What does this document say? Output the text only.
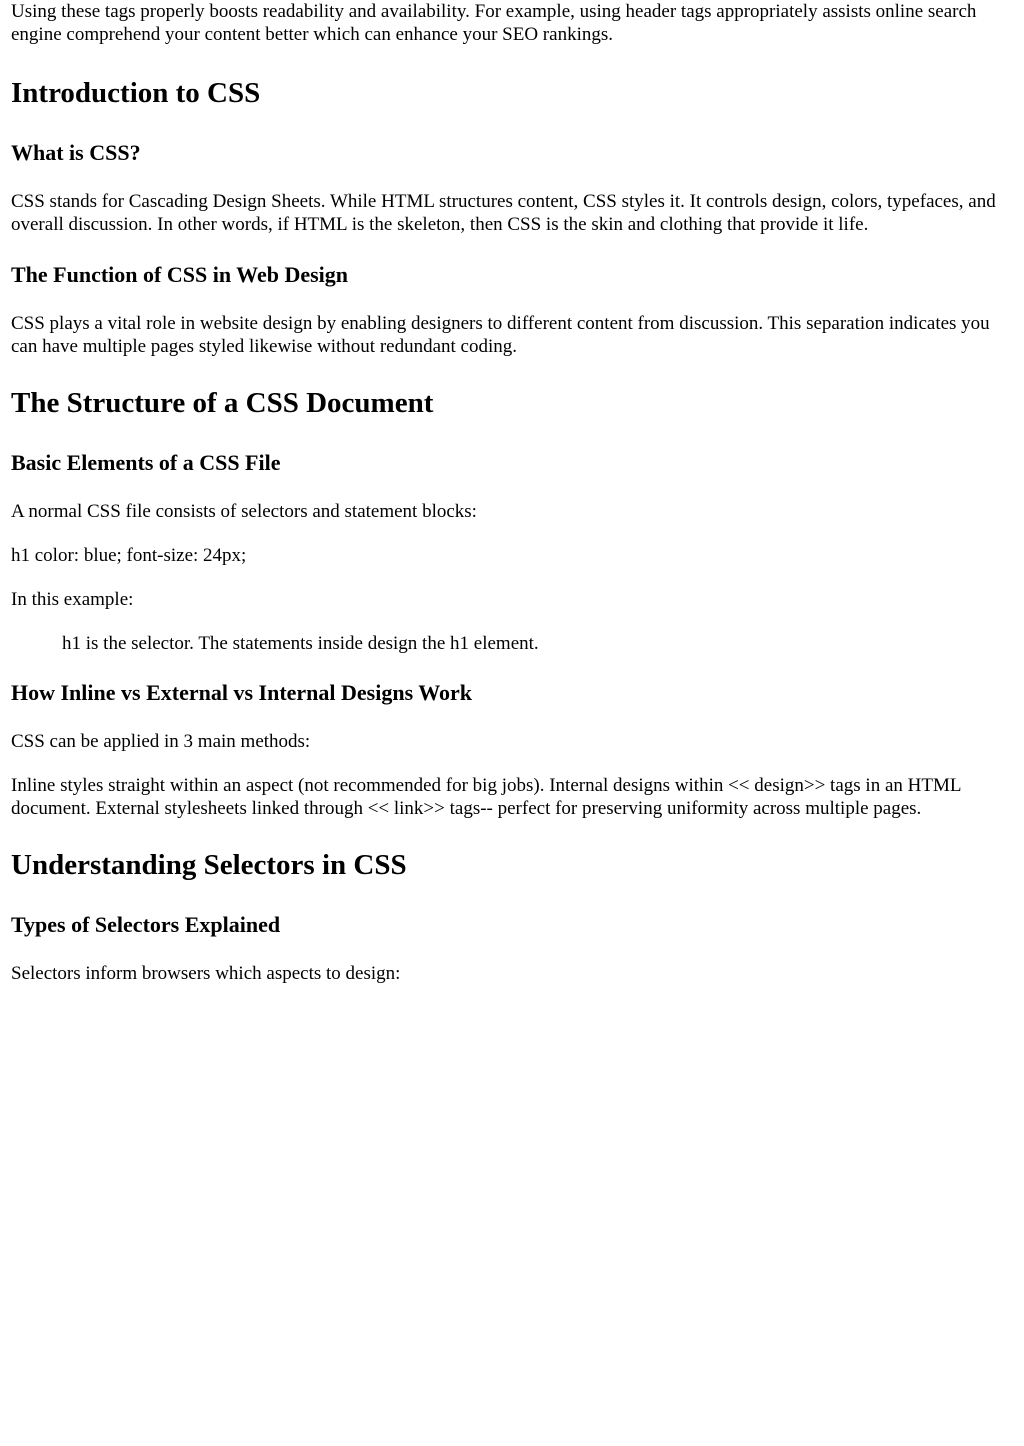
Using these tags properly boosts readability and availability. For example, using header tags appropriately assists online search engine comprehend your content better which can enhance your SEO rankings.

Introduction to CSS
What is CSS?

CSS stands for Cascading Design Sheets. While HTML structures content, CSS styles it. It controls design, colors, typefaces, and overall discussion. In other words, if HTML is the skeleton, then CSS is the skin and clothing that provide it life.

The Function of CSS in Web Design

CSS plays a vital role in website design by enabling designers to different content from discussion. This separation indicates you can have multiple pages styled likewise without redundant coding.

The Structure of a CSS Document
Basic Elements of a CSS File

A normal CSS file consists of selectors and statement blocks:

h1 color: blue; font-size: 24px;

In this example:

h1 is the selector. The statements inside design the h1 element.

How Inline vs External vs Internal Designs Work

CSS can be applied in 3 main methods:

Inline styles straight within an aspect (not recommended for big jobs). Internal designs within << design>> tags in an HTML document. External stylesheets linked through << link>> tags-- perfect for preserving uniformity across multiple pages.

Understanding Selectors in CSS
Types of Selectors Explained

Selectors inform browsers which aspects to design:
